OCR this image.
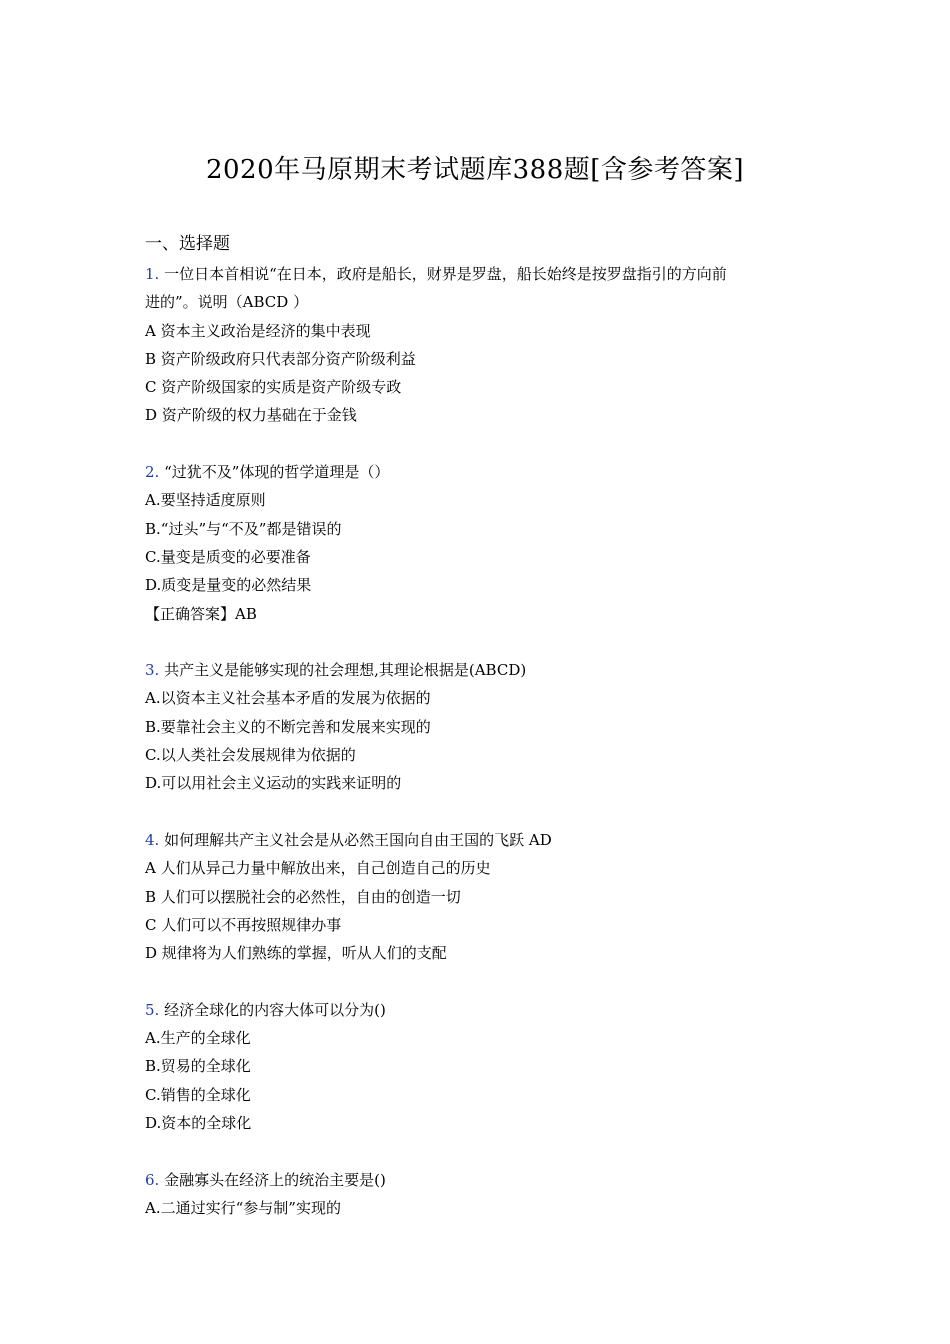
2020年马原期末考试题库388题[含参考答案]
一、选择题
1. 一位日本首相说“在日本，政府是船长，财界是罗盘，船长始终是按罗盘指引的方向前
进的”。说明（ABCD ）
A 资本主义政治是经济的集中表现
B 资产阶级政府只代表部分资产阶级利益
C 资产阶级国家的实质是资产阶级专政
D 资产阶级的权力基础在于金钱
2. “过犹不及”体现的哲学道理是（）
A.要坚持适度原则
B.“过头”与“不及”都是错误的
C.量变是质变的必要准备
D.质变是量变的必然结果
【正确答案】AB
3. 共产主义是能够实现的社会理想,其理论根据是(ABCD)
A.以资本主义社会基本矛盾的发展为依据的
B.要靠社会主义的不断完善和发展来实现的
C.以人类社会发展规律为依据的
D.可以用社会主义运动的实践来证明的
4. 如何理解共产主义社会是从必然王国向自由王国的飞跃 AD
A 人们从异己力量中解放出来，自己创造自己的历史
B 人们可以摆脱社会的必然性，自由的创造一切
C 人们可以不再按照规律办事
D 规律将为人们熟练的掌握，听从人们的支配
5. 经济全球化的内容大体可以分为()
A.生产的全球化
B.贸易的全球化
C.销售的全球化
D.资本的全球化
6. 金融寡头在经济上的统治主要是()
A.二通过实行“参与制”实现的
